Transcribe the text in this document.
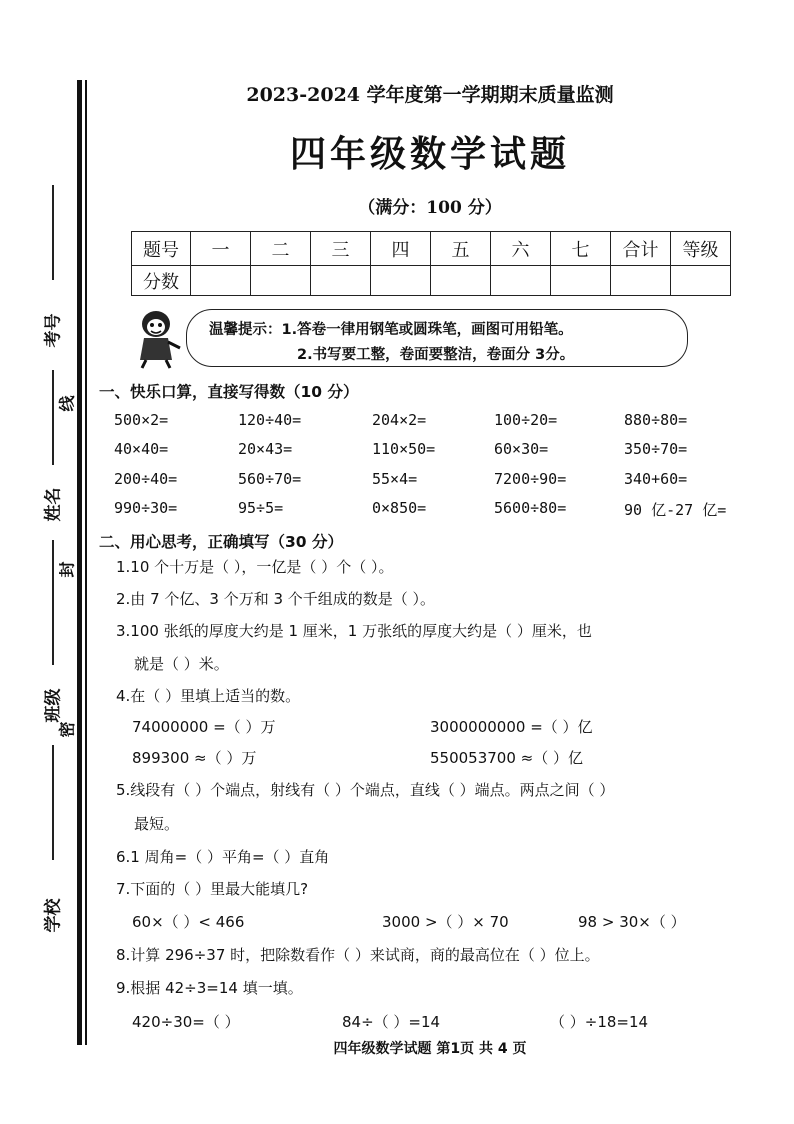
考号
线
姓名
封
班级
密
学校
2023-2024 学年度第一学期期末质量监测
四年级数学试题
（满分：100 分）
题号	一	二	三	四	五	六	七	合计	等级
分数									
温馨提示：1.答卷一律用钢笔或圆珠笔，画图可用铅笔。
2.书写要工整，卷面要整洁，卷面分 3分。
一、快乐口算，直接写得数（10 分）
500×2=	120÷40=	204×2=	100÷20=	880÷80=
40×40=	20×43=	110×50=	60×30=	350÷70=
200÷40=	560÷70=	55×4=	7200÷90=	340+60=
990÷30=	95÷5=	0×850=	5600÷80=	90 亿-27 亿=
二、用心思考，正确填写（30 分）
1.10 个十万是（ ），一亿是（ ）个（ ）。
2.由 7 个亿、3 个万和 3 个千组成的数是（ ）。
3.100 张纸的厚度大约是 1 厘米，1 万张纸的厚度大约是（ ）厘米，也
就是（ ）米。
4.在（ ）里填上适当的数。
74000000 =（ ）万	3000000000 =（ ）亿
899300 ≈（ ）万	550053700 ≈（ ）亿
5.线段有（ ）个端点，射线有（ ）个端点，直线（ ）端点。两点之间（ ）
最短。
6.1 周角=（ ）平角=（ ）直角
7.下面的（ ）里最大能填几?
60×（ ）< 466	3000 >（ ）× 70	98 > 30×（ ）
8.计算 296÷37 时，把除数看作（ ）来试商，商的最高位在（ ）位上。
9.根据 42÷3=14 填一填。
420÷30=（ ）	84÷（ ）=14	（ ）÷18=14
四年级数学试题 第1页 共 4 页
